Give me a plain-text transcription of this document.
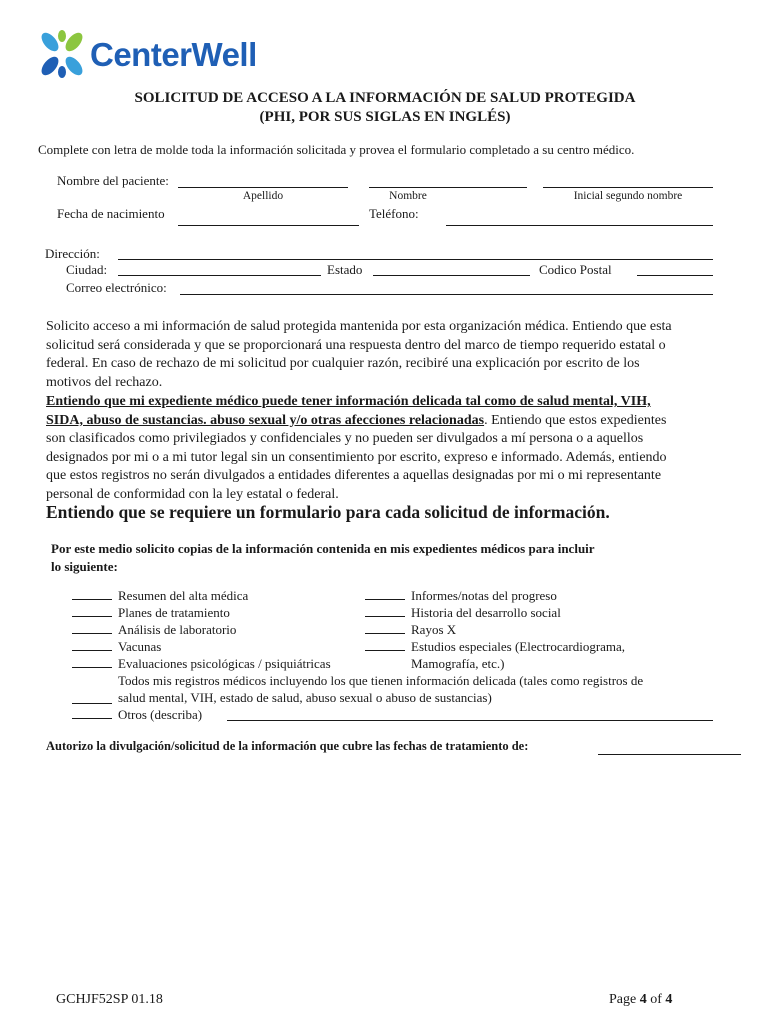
CenterWell
SOLICITUD DE ACCESO A LA INFORMACIÓN DE SALUD PROTEGIDA
(PHI, POR SUS SIGLAS EN INGLÉS)
Complete con letra de molde toda la información solicitada y provea el formulario completado a su centro médico.
Nombre del paciente:
Apellido	Nombre	Inicial segundo nombre
Fecha de nacimiento	Teléfono:
Dirección:
Ciudad:	Estado	Codico Postal
Correo electrónico:
Solicito acceso a mi información de salud protegida mantenida por esta organización médica. Entiendo que esta solicitud será considerada y que se proporcionará una respuesta dentro del marco de tiempo requerido estatal o federal. En caso de rechazo de mi solicitud por cualquier razón, recibiré una explicación por escrito de los motivos del rechazo.
Entiendo que mi expediente médico puede tener información delicada tal como de salud mental, VIH, SIDA, abuso de sustancias. abuso sexual y/o otras afecciones relacionadas. Entiendo que estos expedientes son clasificados como privilegiados y confidenciales y no pueden ser divulgados a mí persona o a aquellos designados por mi o a mi tutor legal sin un consentimiento por escrito, expreso e informado. Además, entiendo que estos registros no serán divulgados a entidades diferentes a aquellas designadas por mi o mi representante personal de conformidad con la ley estatal o federal.
Entiendo que se requiere un formulario para cada solicitud de información.
Por este medio solicito copias de la información contenida en mis expedientes médicos para incluir
lo siguiente:
Resumen del alta médica
Planes de tratamiento
Análisis de laboratorio
Vacunas
Evaluaciones psicológicas / psiquiátricas
Informes/notas del progreso
Historia del desarrollo social
Rayos X
Estudios especiales (Electrocardiograma,
Mamografía, etc.)
Todos mis registros médicos incluyendo los que tienen información delicada (tales como registros de
salud mental, VIH, estado de salud, abuso sexual o abuso de sustancias)
Otros (describa)
Autorizo la divulgación/solicitud de la información que cubre las fechas de tratamiento de:
GCHJF52SP 01.18	Page 4 of 4
